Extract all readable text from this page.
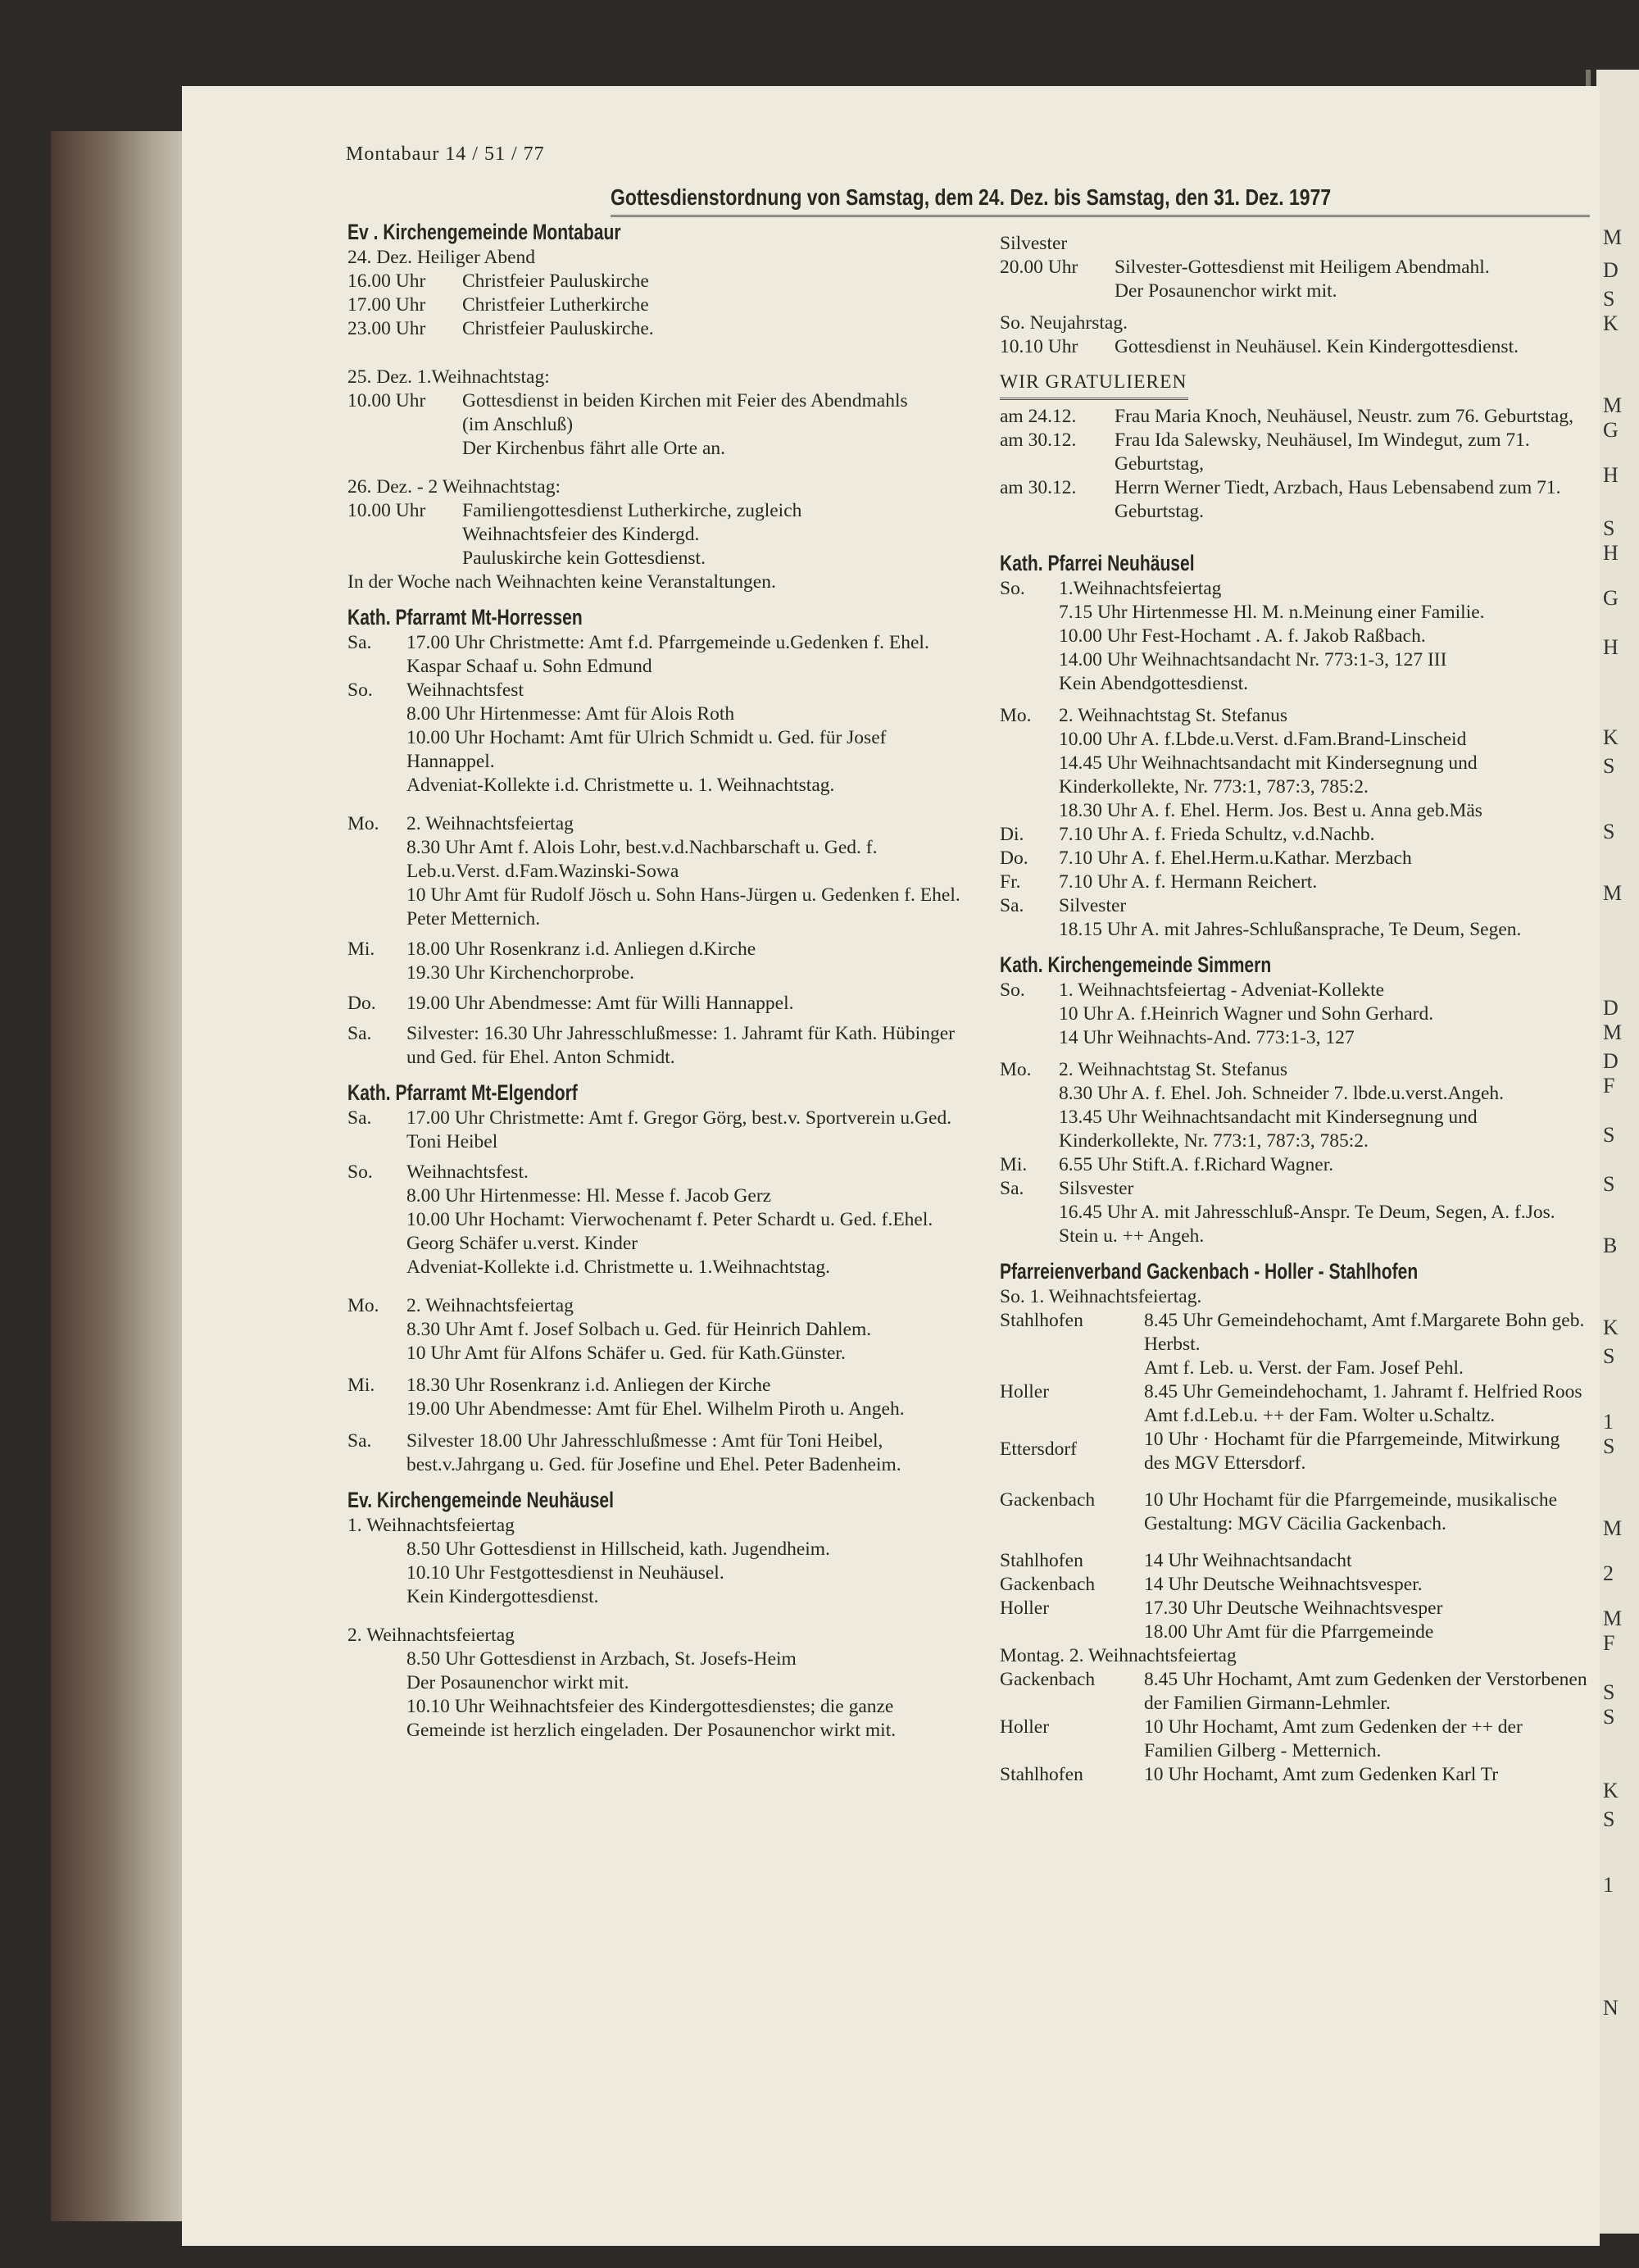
M
D
S
K
M
G
H
S
H
G
H
K
S
S
M
D
M
D
F
S
S
B
K
S
1
S
M
2
M
F
S
S
K
S
1
N
Montabaur 14 / 51 / 77
Gottesdienstordnung von Samstag, dem 24. Dez. bis Samstag, den 31. Dez. 1977
Ev . Kirchengemeinde Montabaur
24. Dez. Heiliger Abend
16.00 Uhr	Christfeier Pauluskirche
17.00 Uhr	Christfeier Lutherkirche
23.00 Uhr	Christfeier Pauluskirche.
25. Dez. 1.Weihnachtstag:
10.00 Uhr	Gottesdienst in beiden Kirchen mit Feier des Abendmahls (im Anschluß)
Der Kirchenbus fährt alle Orte an.
26. Dez. - 2 Weihnachtstag:
10.00 Uhr	Familiengottesdienst Lutherkirche, zugleich Weihnachtsfeier des Kindergd.
Pauluskirche kein Gottesdienst.
In der Woche nach Weihnachten keine Veranstaltungen.
Kath. Pfarramt Mt-Horressen
Sa.	17.00 Uhr Christmette: Amt f.d. Pfarrgemeinde u.Gedenken f. Ehel. Kaspar Schaaf u. Sohn Edmund
So.	Weihnachtsfest
8.00 Uhr Hirtenmesse: Amt für Alois Roth
10.00 Uhr Hochamt: Amt für Ulrich Schmidt u. Ged. für Josef Hannappel.
Adveniat-Kollekte i.d. Christmette u. 1. Weihnachtstag.
Mo.	2. Weihnachtsfeiertag
8.30 Uhr Amt f. Alois Lohr, best.v.d.Nachbarschaft u. Ged. f. Leb.u.Verst. d.Fam.Wazinski-Sowa
10 Uhr Amt für Rudolf Jösch u. Sohn Hans-Jürgen u. Gedenken f. Ehel. Peter Metternich.
Mi.	18.00 Uhr Rosenkranz i.d. Anliegen d.Kirche
19.30 Uhr Kirchenchorprobe.
Do.	19.00 Uhr Abendmesse: Amt für Willi Hannappel.
Sa.	Silvester: 16.30 Uhr Jahresschlußmesse: 1. Jahramt für Kath. Hübinger und Ged. für Ehel. Anton Schmidt.
Kath. Pfarramt Mt-Elgendorf
Sa.	17.00 Uhr Christmette: Amt f. Gregor Görg, best.v. Sportverein u.Ged. Toni Heibel
So.	Weihnachtsfest.
8.00 Uhr Hirtenmesse: Hl. Messe f. Jacob Gerz
10.00 Uhr Hochamt: Vierwochenamt f. Peter Schardt u. Ged. f.Ehel. Georg Schäfer u.verst. Kinder
Adveniat-Kollekte i.d. Christmette u. 1.Weihnachtstag.
Mo.	2. Weihnachtsfeiertag
8.30 Uhr Amt f. Josef Solbach u. Ged. für Heinrich Dahlem.
10 Uhr Amt für Alfons Schäfer u. Ged. für Kath.Günster.
Mi.	18.30 Uhr Rosenkranz i.d. Anliegen der Kirche
19.00 Uhr Abendmesse: Amt für Ehel. Wilhelm Piroth u. Angeh.
Sa.	Silvester 18.00 Uhr Jahresschlußmesse : Amt für Toni Heibel, best.v.Jahrgang u. Ged. für Josefine und Ehel. Peter Badenheim.
Ev. Kirchengemeinde Neuhäusel
1. Weihnachtsfeiertag
8.50 Uhr Gottesdienst in Hillscheid, kath. Jugendheim.
10.10 Uhr Festgottesdienst in Neuhäusel.
Kein Kindergottesdienst.
2. Weihnachtsfeiertag
8.50 Uhr Gottesdienst in Arzbach, St. Josefs-Heim
Der Posaunenchor wirkt mit.
10.10 Uhr Weihnachtsfeier des Kindergottesdienstes; die ganze Gemeinde ist herzlich eingeladen. Der Posaunenchor wirkt mit.
Silvester
20.00 Uhr	Silvester-Gottesdienst mit Heiligem Abendmahl.
Der Posaunenchor wirkt mit.
So. Neujahrstag.
10.10 Uhr	Gottesdienst in Neuhäusel. Kein Kindergottesdienst.
WIR GRATULIEREN
am 24.12.	Frau Maria Knoch, Neuhäusel, Neustr. zum 76. Geburtstag,
am 30.12.	Frau Ida Salewsky, Neuhäusel, Im Windegut, zum 71. Geburtstag,
am 30.12.	Herrn Werner Tiedt, Arzbach, Haus Lebensabend zum 71. Geburtstag.
Kath. Pfarrei Neuhäusel
So.	1.Weihnachtsfeiertag
7.15 Uhr Hirtenmesse Hl. M. n.Meinung einer Familie.
10.00 Uhr Fest-Hochamt . A. f. Jakob Raßbach.
14.00 Uhr Weihnachtsandacht Nr. 773:1-3, 127 III
Kein Abendgottesdienst.
Mo.	2. Weihnachtstag St. Stefanus
10.00 Uhr A. f.Lbde.u.Verst. d.Fam.Brand-Linscheid
14.45 Uhr Weihnachtsandacht mit Kindersegnung und Kinderkollekte, Nr. 773:1, 787:3, 785:2.
18.30 Uhr A. f. Ehel. Herm. Jos. Best u. Anna geb.Mäs
Di.	7.10 Uhr A. f. Frieda Schultz, v.d.Nachb.
Do.	7.10 Uhr A. f. Ehel.Herm.u.Kathar. Merzbach
Fr.	7.10 Uhr A. f. Hermann Reichert.
Sa.	Silvester
18.15 Uhr A. mit Jahres-Schlußansprache, Te Deum, Segen.
Kath. Kirchengemeinde Simmern
So.	1. Weihnachtsfeiertag - Adveniat-Kollekte
10 Uhr A. f.Heinrich Wagner und Sohn Gerhard.
14 Uhr Weihnachts-And. 773:1-3, 127
Mo.	2. Weihnachtstag St. Stefanus
8.30 Uhr A. f. Ehel. Joh. Schneider 7. lbde.u.verst.Angeh.
13.45 Uhr Weihnachtsandacht mit Kindersegnung und Kinderkollekte, Nr. 773:1, 787:3, 785:2.
Mi.	6.55 Uhr Stift.A. f.Richard Wagner.
Sa.	Silsvester
16.45 Uhr A. mit Jahresschluß-Anspr. Te Deum, Segen, A. f.Jos. Stein u. ++ Angeh.
Pfarreienverband Gackenbach - Holler - Stahlhofen
So. 1. Weihnachtsfeiertag.
Stahlhofen	8.45 Uhr Gemeindehochamt, Amt f.Margarete Bohn geb. Herbst.
Amt f. Leb. u. Verst. der Fam. Josef Pehl.
Holler	8.45 Uhr Gemeindehochamt, 1. Jahramt f. Helfried Roos
Amt f.d.Leb.u. ++ der Fam. Wolter u.Schaltz.
Ettersdorf	10 Uhr · Hochamt für die Pfarrgemeinde, Mitwirkung des MGV Ettersdorf.
Gackenbach	10 Uhr Hochamt für die Pfarrgemeinde, musikalische Gestaltung: MGV Cäcilia Gackenbach.
Stahlhofen	14 Uhr Weihnachtsandacht
Gackenbach	14 Uhr Deutsche Weihnachtsvesper.
Holler	17.30 Uhr Deutsche Weihnachtsvesper
18.00 Uhr Amt für die Pfarrgemeinde
Montag. 2. Weihnachtsfeiertag
Gackenbach	8.45 Uhr Hochamt, Amt zum Gedenken der Verstorbenen der Familien Girmann-Lehmler.
Holler	10 Uhr Hochamt, Amt zum Gedenken der ++ der Familien Gilberg - Metternich.
Stahlhofen	10 Uhr Hochamt, Amt zum Gedenken Karl Tr
